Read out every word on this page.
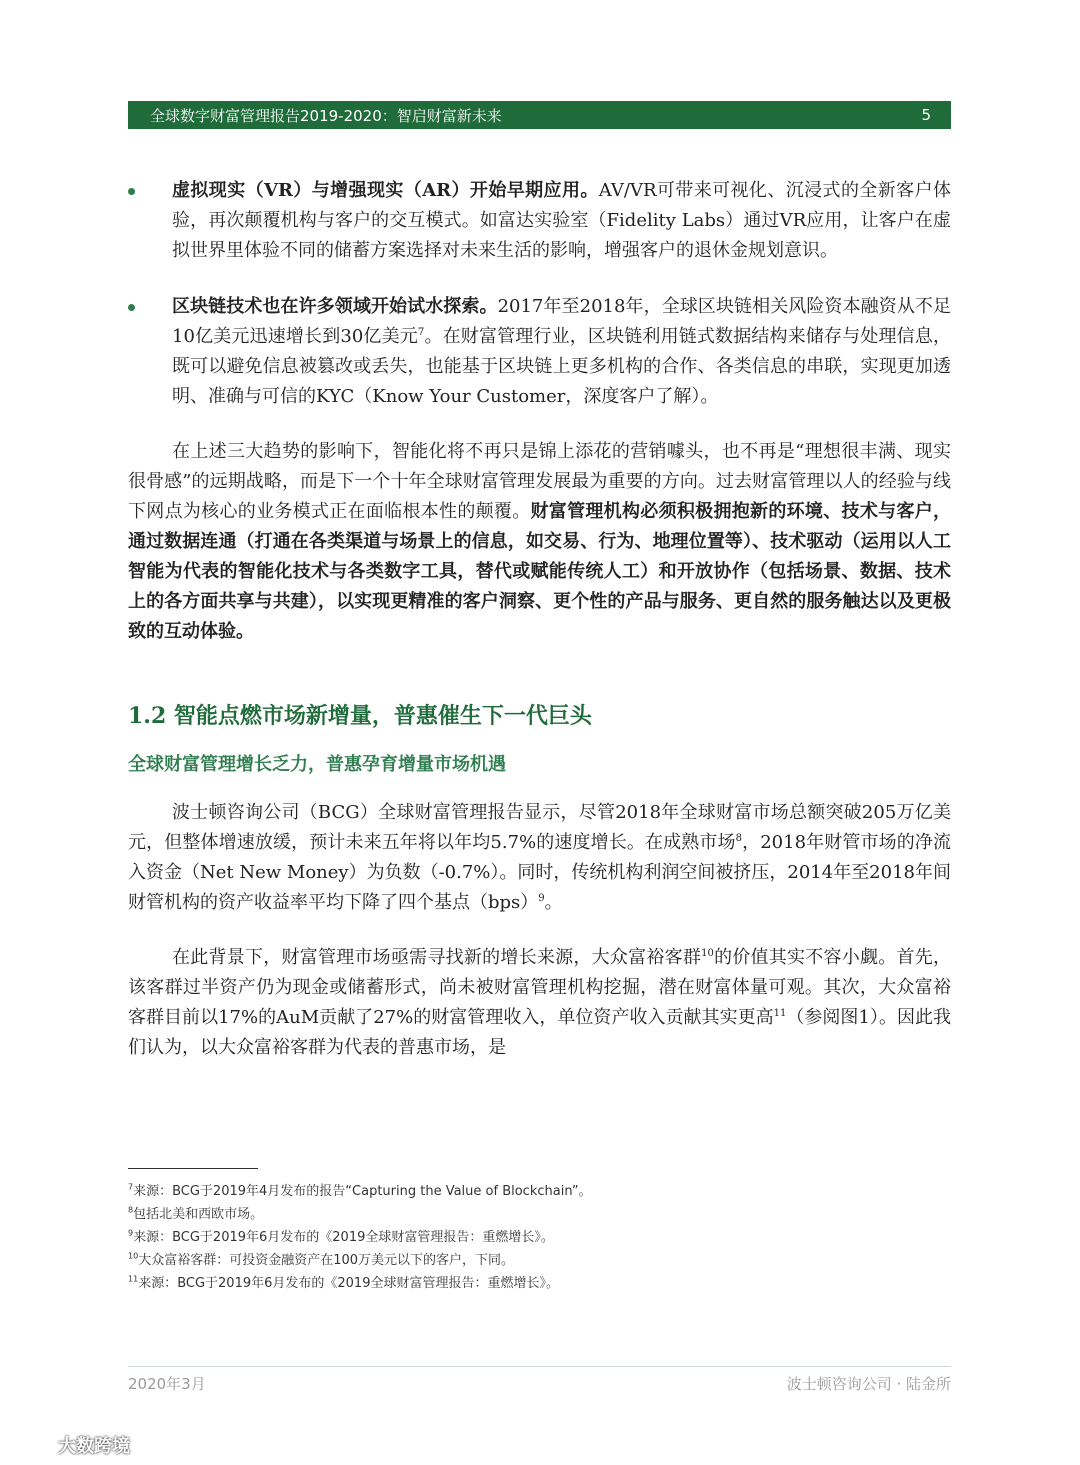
全球数字财富管理报告2019-2020：智启财富新未来	5

虚拟现实（VR）与增强现实（AR）开始早期应用。AV/VR可带来可视化、沉浸式的全新客户体验，再次颠覆机构与客户的交互模式。如富达实验室（Fidelity Labs）通过VR应用，让客户在虚拟世界里体验不同的储蓄方案选择对未来生活的影响，增强客户的退休金规划意识。

区块链技术也在许多领域开始试水探索。2017年至2018年，全球区块链相关风险资本融资从不足10亿美元迅速增长到30亿美元$^7$。在财富管理行业，区块链利用链式数据结构来储存与处理信息，既可以避免信息被篡改或丢失，也能基于区块链上更多机构的合作、各类信息的串联，实现更加透明、准确与可信的KYC（Know Your Customer，深度客户了解）。

在上述三大趋势的影响下，智能化将不再只是锦上添花的营销噱头，也不再是“理想很丰满、现实很骨感”的远期战略，而是下一个十年全球财富管理发展最为重要的方向。过去财富管理以人的经验与线下网点为核心的业务模式正在面临根本性的颠覆。财富管理机构必须积极拥抱新的环境、技术与客户，通过数据连通（打通在各类渠道与场景上的信息，如交易、行为、地理位置等）、技术驱动（运用以人工智能为代表的智能化技术与各类数字工具，替代或赋能传统人工）和开放协作（包括场景、数据、技术上的各方面共享与共建），以实现更精准的客户洞察、更个性的产品与服务、更自然的服务触达以及更极致的互动体验。

1.2 智能点燃市场新增量，普惠催生下一代巨头
全球财富管理增长乏力，普惠孕育增量市场机遇

波士顿咨询公司（BCG）全球财富管理报告显示，尽管2018年全球财富市场总额突破205万亿美元，但整体增速放缓，预计未来五年将以年均5.7%的速度增长。在成熟市场$^8$，2018年财管市场的净流入资金（Net New Money）为负数（-0.7%）。同时，传统机构利润空间被挤压，2014年至2018年间财管机构的资产收益率平均下降了四个基点（bps）$^9$。

在此背景下，财富管理市场亟需寻找新的增长来源，大众富裕客群$^{10}$的价值其实不容小觑。首先，该客群过半资产仍为现金或储蓄形式，尚未被财富管理机构挖掘，潜在财富体量可观。其次，大众富裕客群目前以17%的AuM贡献了27%的财富管理收入，单位资产收入贡献其实更高$^{11}$（参阅图1）。因此我们认为，以大众富裕客群为代表的普惠市场，是

$^7$来源：BCG于2019年4月发布的报告“Capturing the Value of Blockchain”。
$^8$包括北美和西欧市场。
$^9$来源：BCG于2019年6月发布的《2019全球财富管理报告：重燃增长》。
$^{10}$大众富裕客群：可投资金融资产在100万美元以下的客户，下同。
$^{11}$来源：BCG于2019年6月发布的《2019全球财富管理报告：重燃增长》。
2020年3月	波士顿咨询公司 · 陆金所
大数跨境
